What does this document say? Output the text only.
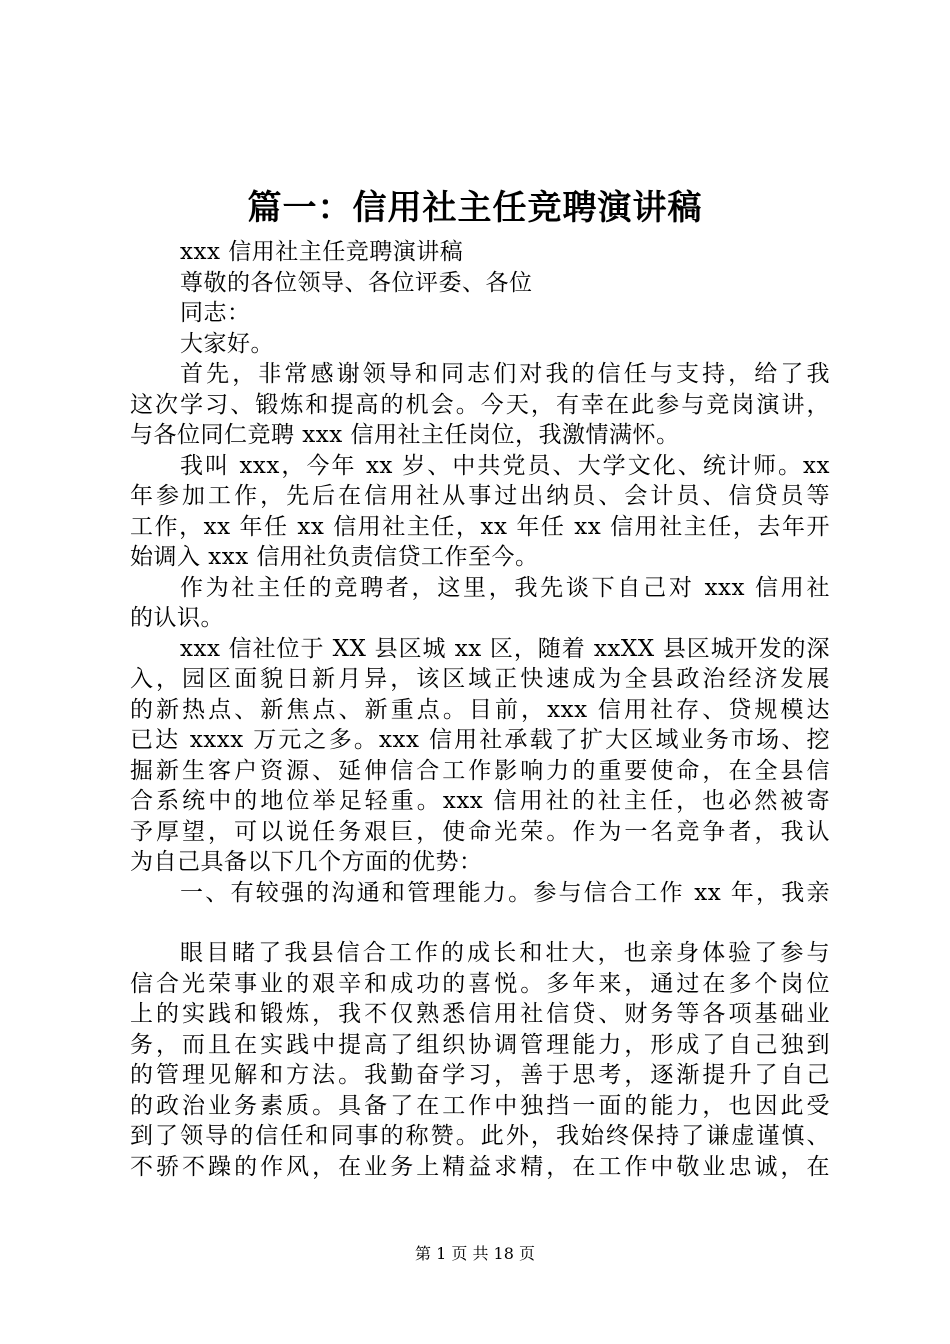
篇一：信用社主任竞聘演讲稿
xxx 信用社主任竞聘演讲稿
尊敬的各位领导、各位评委、各位
同志：
大家好。
首先，非常感谢领导和同志们对我的信任与支持，给了我
这次学习、锻炼和提高的机会。今天，有幸在此参与竞岗演讲，
与各位同仁竞聘 xxx 信用社主任岗位，我激情满怀。
我叫 xxx，今年 xx 岁、中共党员、大学文化、统计师。xx
年参加工作，先后在信用社从事过出纳员、会计员、信贷员等
工作，xx 年任 xx 信用社主任，xx 年任 xx 信用社主任，去年开
始调入 xxx 信用社负责信贷工作至今。
作为社主任的竞聘者，这里，我先谈下自己对 xxx 信用社
的认识。
xxx 信社位于 XX 县区城 xx 区，随着 xxXX 县区城开发的深
入，园区面貌日新月异，该区域正快速成为全县政治经济发展
的新热点、新焦点、新重点。目前，xxx 信用社存、贷规模达
已达 xxxx 万元之多。xxx 信用社承载了扩大区域业务市场、挖
掘新生客户资源、延伸信合工作影响力的重要使命，在全县信
合系统中的地位举足轻重。xxx 信用社的社主任，也必然被寄
予厚望，可以说任务艰巨，使命光荣。作为一名竞争者，我认
为自己具备以下几个方面的优势：
一、有较强的沟通和管理能力。参与信合工作 xx 年，我亲
眼目睹了我县信合工作的成长和壮大，也亲身体验了参与
信合光荣事业的艰辛和成功的喜悦。多年来，通过在多个岗位
上的实践和锻炼，我不仅熟悉信用社信贷、财务等各项基础业
务，而且在实践中提高了组织协调管理能力，形成了自己独到
的管理见解和方法。我勤奋学习，善于思考，逐渐提升了自己
的政治业务素质。具备了在工作中独挡一面的能力，也因此受
到了领导的信任和同事的称赞。此外，我始终保持了谦虚谨慎、
不骄不躁的作风，在业务上精益求精，在工作中敬业忠诚，在
第 1 页 共 18 页
